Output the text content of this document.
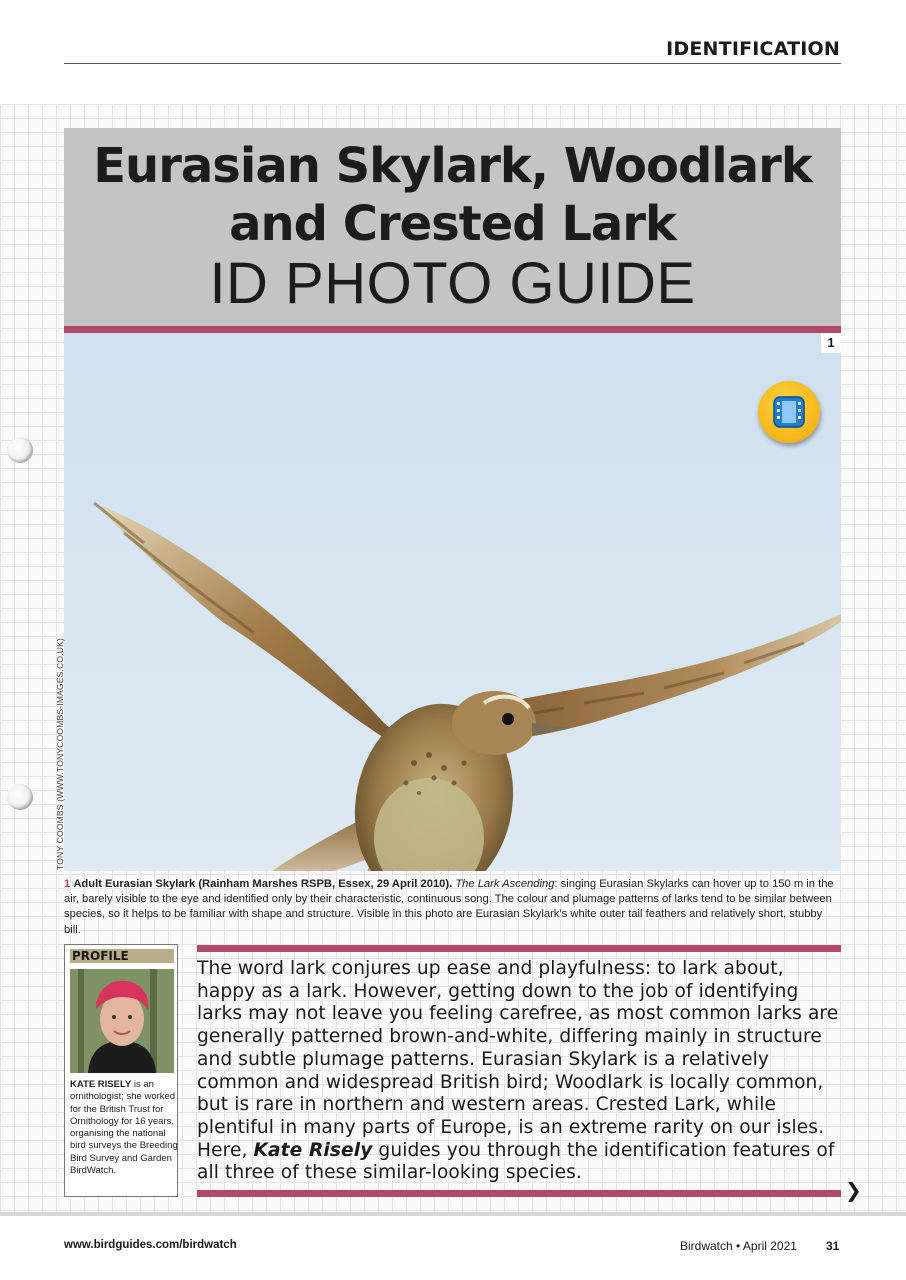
IDENTIFICATION
Eurasian Skylark, Woodlark
and Crested Lark
ID PHOTO GUIDE
1
TONY COOMBS (WWW.TONYCOOMBS-IMAGES.CO.UK)
1 Adult Eurasian Skylark (Rainham Marshes RSPB, Essex, 29 April 2010). The Lark Ascending: singing Eurasian Skylarks can hover up to 150 m in the air, barely visible to the eye and identified only by their characteristic, continuous song. The colour and plumage patterns of larks tend to be similar between species, so it helps to be familiar with shape and structure. Visible in this photo are Eurasian Skylark’s white outer tail feathers and relatively short, stubby bill.
PROFILE
KATE RISELY is an ornithologist; she worked for the British Trust for Ornithology for 16 years, organising the national bird surveys the Breeding Bird Survey and Garden BirdWatch.
The word lark conjures up ease and playfulness: to lark about, happy as a lark. However, getting down to the job of identifying larks may not leave you feeling carefree, as most common larks are generally patterned brown-and-white, differing mainly in structure and subtle plumage patterns. Eurasian Skylark is a relatively common and widespread British bird; Woodlark is locally common, but is rare in northern and western areas. Crested Lark, while plentiful in many parts of Europe, is an extreme rarity on our isles. Here, Kate Risely guides you through the identification features of all three of these similar-looking species.
❯
www.birdguides.com/birdwatch	Birdwatch • April 2021 31
